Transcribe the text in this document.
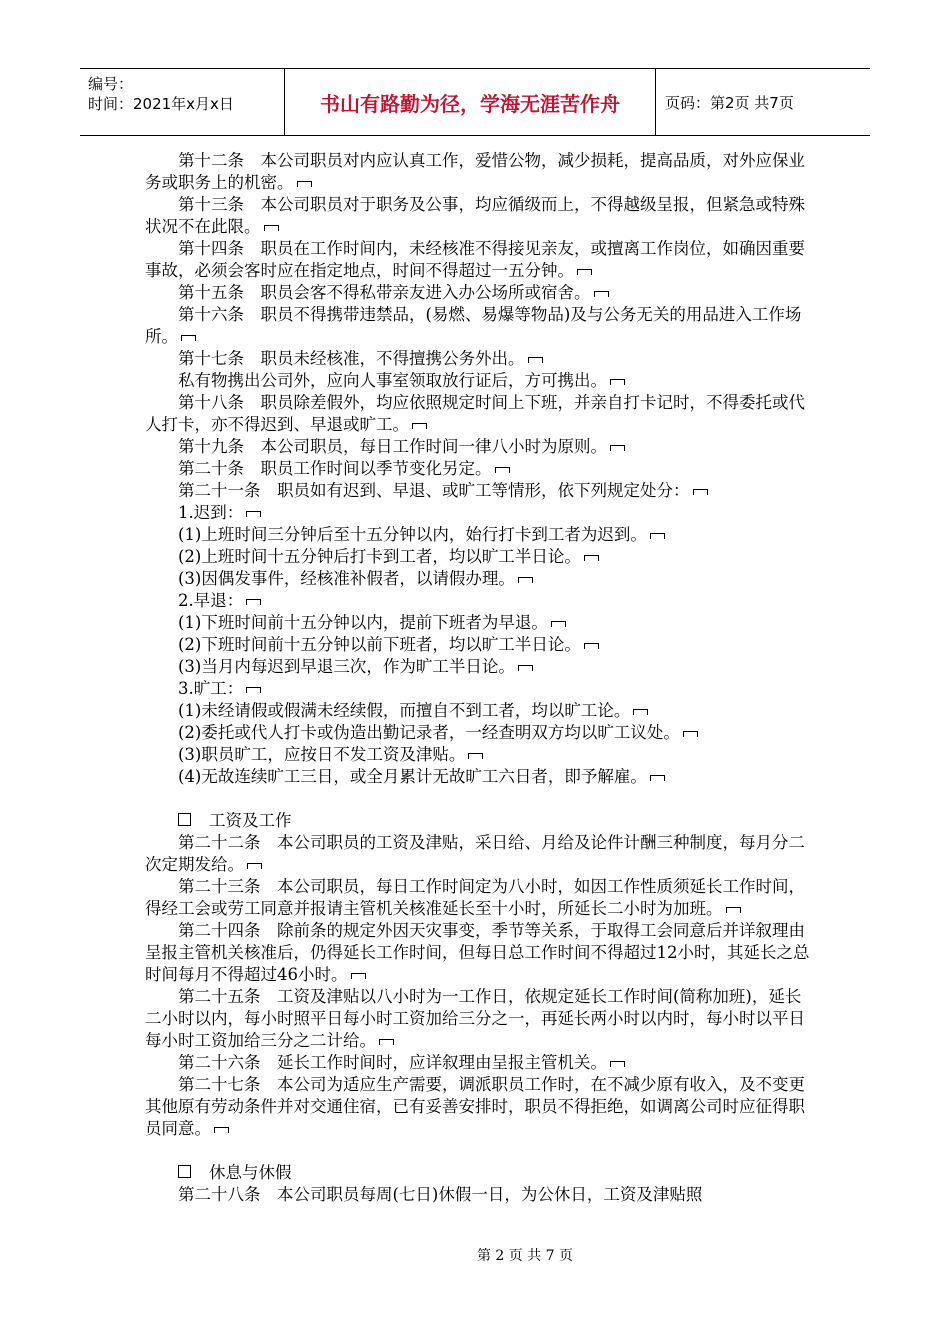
编号：
时间：2021年x月x日	书山有路勤为径，学海无涯苦作舟	页码：第2页 共7页

第十二条　本公司职员对内应认真工作，爱惜公物，减少损耗，提高品质，对外应保业务或职务上的机密。

第十三条　本公司职员对于职务及公事，均应循级而上，不得越级呈报，但紧急或特殊状况不在此限。

第十四条　职员在工作时间内，未经核准不得接见亲友，或擅离工作岗位，如确因重要事故，必须会客时应在指定地点，时间不得超过一五分钟。

第十五条　职员会客不得私带亲友进入办公场所或宿舍。

第十六条　职员不得携带违禁品，(易燃、易爆等物品)及与公务无关的用品进入工作场所。

第十七条　职员未经核准，不得擅携公务外出。

私有物携出公司外，应向人事室领取放行证后，方可携出。

第十八条　职员除差假外，均应依照规定时间上下班，并亲自打卡记时，不得委托或代人打卡，亦不得迟到、早退或旷工。

第十九条　本公司职员，每日工作时间一律八小时为原则。

第二十条　职员工作时间以季节变化另定。

第二十一条　职员如有迟到、早退、或旷工等情形，依下列规定处分：

1.迟到：

(1)上班时间三分钟后至十五分钟以内，始行打卡到工者为迟到。

(2)上班时间十五分钟后打卡到工者，均以旷工半日论。

(3)因偶发事件，经核准补假者，以请假办理。

2.早退：

(1)下班时间前十五分钟以内，提前下班者为早退。

(2)下班时间前十五分钟以前下班者，均以旷工半日论。

(3)当月内每迟到早退三次，作为旷工半日论。

3.旷工：

(1)未经请假或假满未经续假，而擅自不到工者，均以旷工论。

(2)委托或代人打卡或伪造出勤记录者，一经查明双方均以旷工议处。

(3)职员旷工，应按日不发工资及津贴。

(4)无故连续旷工三日，或全月累计无故旷工六日者，即予解雇。

工资及工作

第二十二条　本公司职员的工资及津贴，采日给、月给及论件计酬三种制度，每月分二次定期发给。

第二十三条　本公司职员，每日工作时间定为八小时，如因工作性质须延长工作时间，得经工会或劳工同意并报请主管机关核准延长至十小时，所延长二小时为加班。

第二十四条　除前条的规定外因天灾事变，季节等关系，于取得工会同意后并详叙理由呈报主管机关核准后，仍得延长工作时间，但每日总工作时间不得超过12小时，其延长之总时间每月不得超过46小时。

第二十五条　工资及津贴以八小时为一工作日，依规定延长工作时间(简称加班)，延长二小时以内，每小时照平日每小时工资加给三分之一，再延长两小时以内时，每小时以平日每小时工资加给三分之二计给。

第二十六条　延长工作时间时，应详叙理由呈报主管机关。

第二十七条　本公司为适应生产需要，调派职员工作时，在不减少原有收入，及不变更其他原有劳动条件并对交通住宿，已有妥善安排时，职员不得拒绝，如调离公司时应征得职员同意。

休息与休假

第二十八条　本公司职员每周(七日)休假一日，为公休日，工资及津贴照

第 2 页 共 7 页
